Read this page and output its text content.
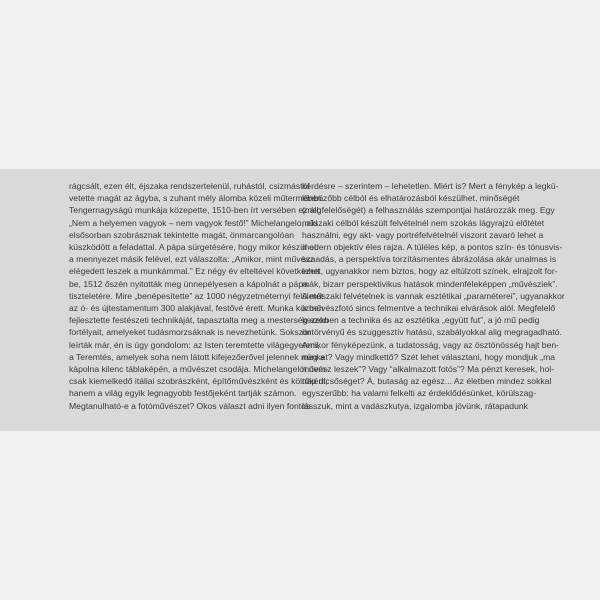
rágcsált, ezen élt, éjszaka rendszertelenül, ruhástól, csizmástól
vetette magát az ágyba, s zuhant mély álomba közeli műtermében.
Tengernagyságú munkája közepette, 1510-ben írt versében ez áll:
„Nem a helyemen vagyok – nem vagyok festő!” Michelangelo, aki
elsősorban szobrásznak tekintette magát, önmarcangolóan
küszködött a feladattal. A pápa sürgetésére, hogy mikor készül el
a mennyezet másik felével, ezt válaszolta: „Amikor, mint művész
elégedett leszek a munkámmal.” Ez négy év elteltével következett
be, 1512 őszén nyitották meg ünnepélyesen a kápolnát a pápa
tiszteletére. Mire „benépesítette” az 1000 négyzetméternyi felületet
az ó- és újtestamentum 300 alakjával, festővé érett. Munka közben
fejlesztette festészeti technikáját, tapasztalta meg a mesterség azon
fortélyait, amelyeket tudásmorzsáknak is nevezhetünk. Sokszor
leírták már, én is úgy gondolom: az Isten teremtette világegyetem,
a Teremtés, amelyek soha nem látott kifejezőerővel jelennek meg a
kápolna kilenc táblaképén, a művészet csodája. Michelangelót nem-
csak kiemelkedő itáliai szobrászként, építőművészként és költőként,
hanem a világ egyik legnagyobb festőjeként tartják számon.
Megtanulható-e a fotóművészet? Okos választ adni ilyen fontos
kérdésre – szerintem – lehetetlen. Miért is? Mert a fénykép a legkü-
lönbözőbb célból és elhatározásból készülhet, minőségét
(megfelelőségét) a felhasználás szempontjai határozzák meg. Egy
műszaki célból készült felvételnél nem szokás lágyrajzú előtétet
használni, egy akt- vagy portréfelvételnél viszont zavaró lehet a
modern objektív éles rajza. A túléles kép, a pontos szín- és tónusvis-
szaadás, a perspektíva torzításmentes ábrázolása akár unalmas is
lehet, ugyanakkor nem biztos, hogy az eltúlzott színek, elrajzolt for-
mák, bizarr perspektivikus hatások mindenféleképpen „művésziek”.
A műszaki felvételnek is vannak esztétikai „paraméterei”, ugyanakkor
a művészfotó sincs felmentve a technikai elvárások alól. Megfelelő
kezekben a technika és az esztétika „együtt fut”, a jó mű pedig
öntörvényű és szuggesztív hatású, szabályokkal alig megragadható.
Amikor fényképezünk, a tudatosság, vagy az ösztönösség hajt ben-
nünket? Vagy mindkettő? Szét lehet választani, hogy mondjuk „ma
művész leszek”? Vagy “alkalmazott fotós”? Ma pénzt keresek, hol-
nap dicsőséget? Á, butaság az egész... Az életben mindez sokkal
egyszerűbb: ha valami felkelti az érdeklődésünket, körülszag-
lásszuk, mint a vadászkutya, izgalomba jövünk, rátapadunk
